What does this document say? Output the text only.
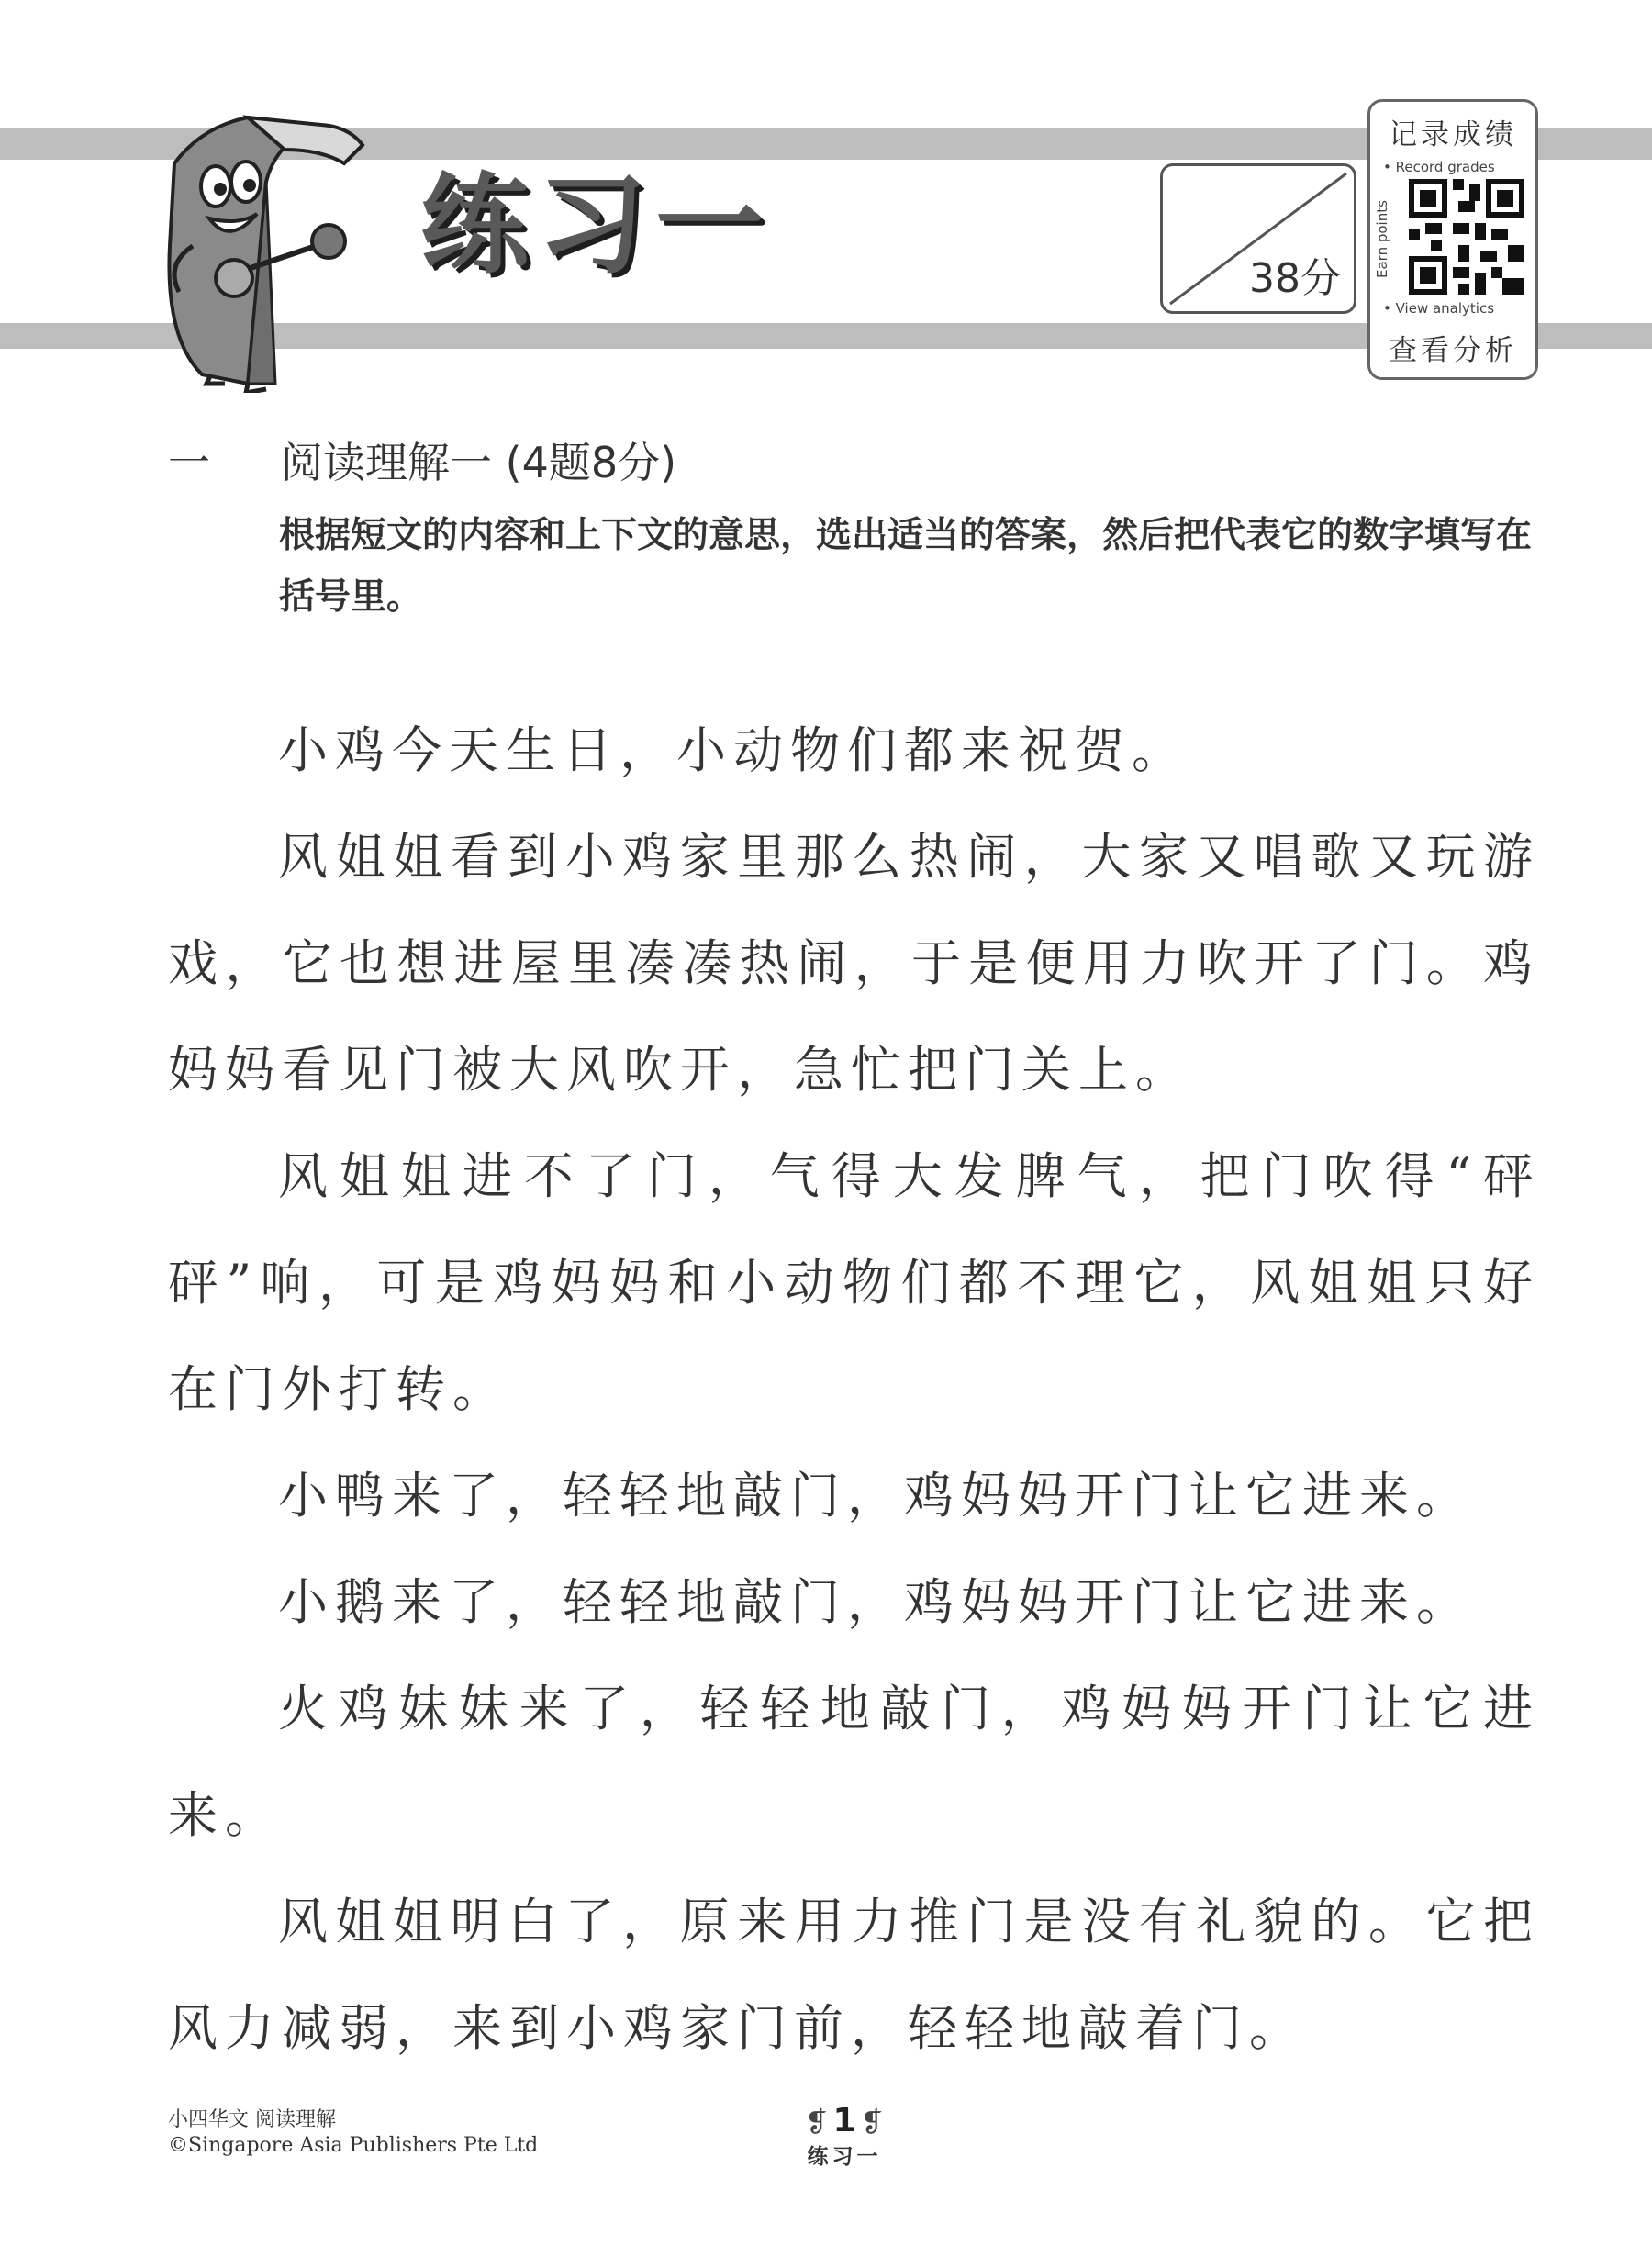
练习一	38分
记录成绩
• Record grades
Earn points
• View analytics
查看分析
一 阅读理解一 (4题8分)
根据短文的内容和上下文的意思，选出适当的答案，然后把代表它的数字填写在括号里。

小鸡今天生日，小动物们都来祝贺。

风姐姐看到小鸡家里那么热闹，大家又唱歌又玩游戏，它也想进屋里凑凑热闹，于是便用力吹开了门。鸡妈妈看见门被大风吹开，急忙把门关上。

风姐姐进不了门，气得大发脾气，把门吹得“砰砰”响，可是鸡妈妈和小动物们都不理它，风姐姐只好在门外打转。

小鸭来了，轻轻地敲门，鸡妈妈开门让它进来。

小鹅来了，轻轻地敲门，鸡妈妈开门让它进来。

火鸡妹妹来了，轻轻地敲门，鸡妈妈开门让它进来。

风姐姐明白了，原来用力推门是没有礼貌的。它把风力减弱，来到小鸡家门前，轻轻地敲着门。

小四华文 阅读理解
©Singapore Asia Publishers Pte Ltd
❡ 1 ❡
练习一
